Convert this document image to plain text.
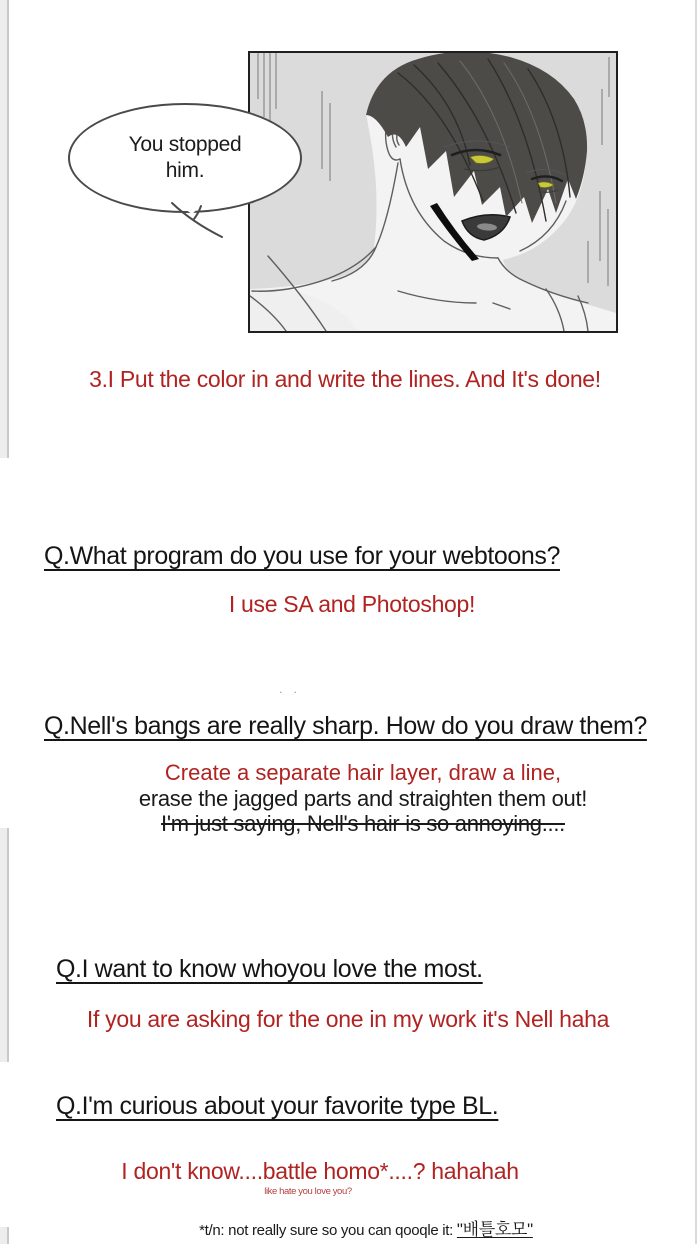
You stopped
him.
3.I Put the color in and write the lines. And It's done!
Q.What program do you use for your webtoons?
I use SA and Photoshop!
. .
Q.Nell's bangs are really sharp. How do you draw them?
Create a separate hair layer, draw a line,
erase the jagged parts and straighten them out!
I'm just saying, Nell's hair is so annoying....
Q.I want to know whoyou love the most.
If you are asking for the one in my work it's Nell haha
Q.I'm curious about your favorite type BL.
I don't know....battle homo*....? hahahah
like hate you love you?
*t/n: not really sure so you can qooqle it: "배틀호모"
